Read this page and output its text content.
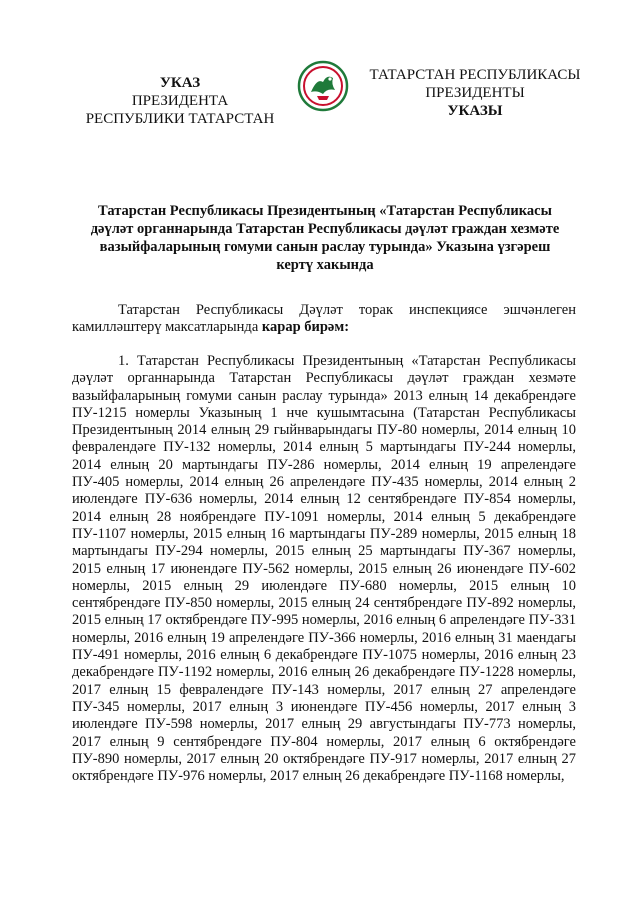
УКАЗ
ПРЕЗИДЕНТА
РЕСПУБЛИКИ ТАТАРСТАН
ТАТАРСТАН РЕСПУБЛИКАСЫ
ПРЕЗИДЕНТЫ
УКАЗЫ
Татарстан Республикасы Президентының «Татарстан Республикасы дәүләт органнарында Татарстан Республикасы дәүләт граждан хезмәте вазыйфаларының гомуми санын раслау турында» Указына үзгәреш кертү хакында
Татарстан Республикасы Дәүләт торак инспекциясе эшчәнлеген камилләштерү максатларында карар бирәм:
1. Татарстан Республикасы Президентының «Татарстан Республикасы дәүләт органнарында Татарстан Республикасы дәүләт граждан хезмәте вазыйфаларының гомуми санын раслау турында» 2013 елның 14 декабрендәге ПУ-1215 номерлы Указының 1 нче кушымтасына (Татарстан Республикасы Президентының 2014 елның 29 гыйнварындагы ПУ-80 номерлы, 2014 елның 10 февралендәге ПУ-132 номерлы, 2014 елның 5 мартындагы ПУ-244 номерлы, 2014 елның 20 мартындагы ПУ-286 номерлы, 2014 елның 19 апрелендәге ПУ-405 номерлы, 2014 елның 26 апрелендәге ПУ-435 номерлы, 2014 елның 2 июлендәге ПУ-636 номерлы, 2014 елның 12 сентябрендәге ПУ-854 номерлы, 2014 елның 28 ноябрендәге ПУ-1091 номерлы, 2014 елның 5 декабрендәге ПУ-1107 номерлы, 2015 елның 16 мартындагы ПУ-289 номерлы, 2015 елның 18 мартындагы ПУ-294 номерлы, 2015 елның 25 мартындагы ПУ-367 номерлы, 2015 елның 17 июнендәге ПУ-562 номерлы, 2015 елның 26 июнендәге ПУ-602 номерлы, 2015 елның 29 июлендәге ПУ-680 номерлы, 2015 елның 10 сентябрендәге ПУ-850 номерлы, 2015 елның 24 сентябрендәге ПУ-892 номерлы, 2015 елның 17 октябрендәге ПУ-995 номерлы, 2016 елның 6 апрелендәге ПУ-331 номерлы, 2016 елның 19 апрелендәге ПУ-366 номерлы, 2016 елның 31 маендагы ПУ-491 номерлы, 2016 елның 6 декабрендәге ПУ-1075 номерлы, 2016 елның 23 декабрендәге ПУ-1192 номерлы, 2016 елның 26 декабрендәге ПУ-1228 номерлы, 2017 елның 15 февралендәге ПУ-143 номерлы, 2017 елның 27 апрелендәге ПУ-345 номерлы, 2017 елның 3 июнендәге ПУ-456 номерлы, 2017 елның 3 июлендәге ПУ-598 номерлы, 2017 елның 29 августындагы ПУ-773 номерлы, 2017 елның 9 сентябрендәге ПУ-804 номерлы, 2017 елның 6 октябрендәге ПУ-890 номерлы, 2017 елның 20 октябрендәге ПУ-917 номерлы, 2017 елның 27 октябрендәге ПУ-976 номерлы, 2017 елның 26 декабрендәге ПУ-1168 номерлы,
